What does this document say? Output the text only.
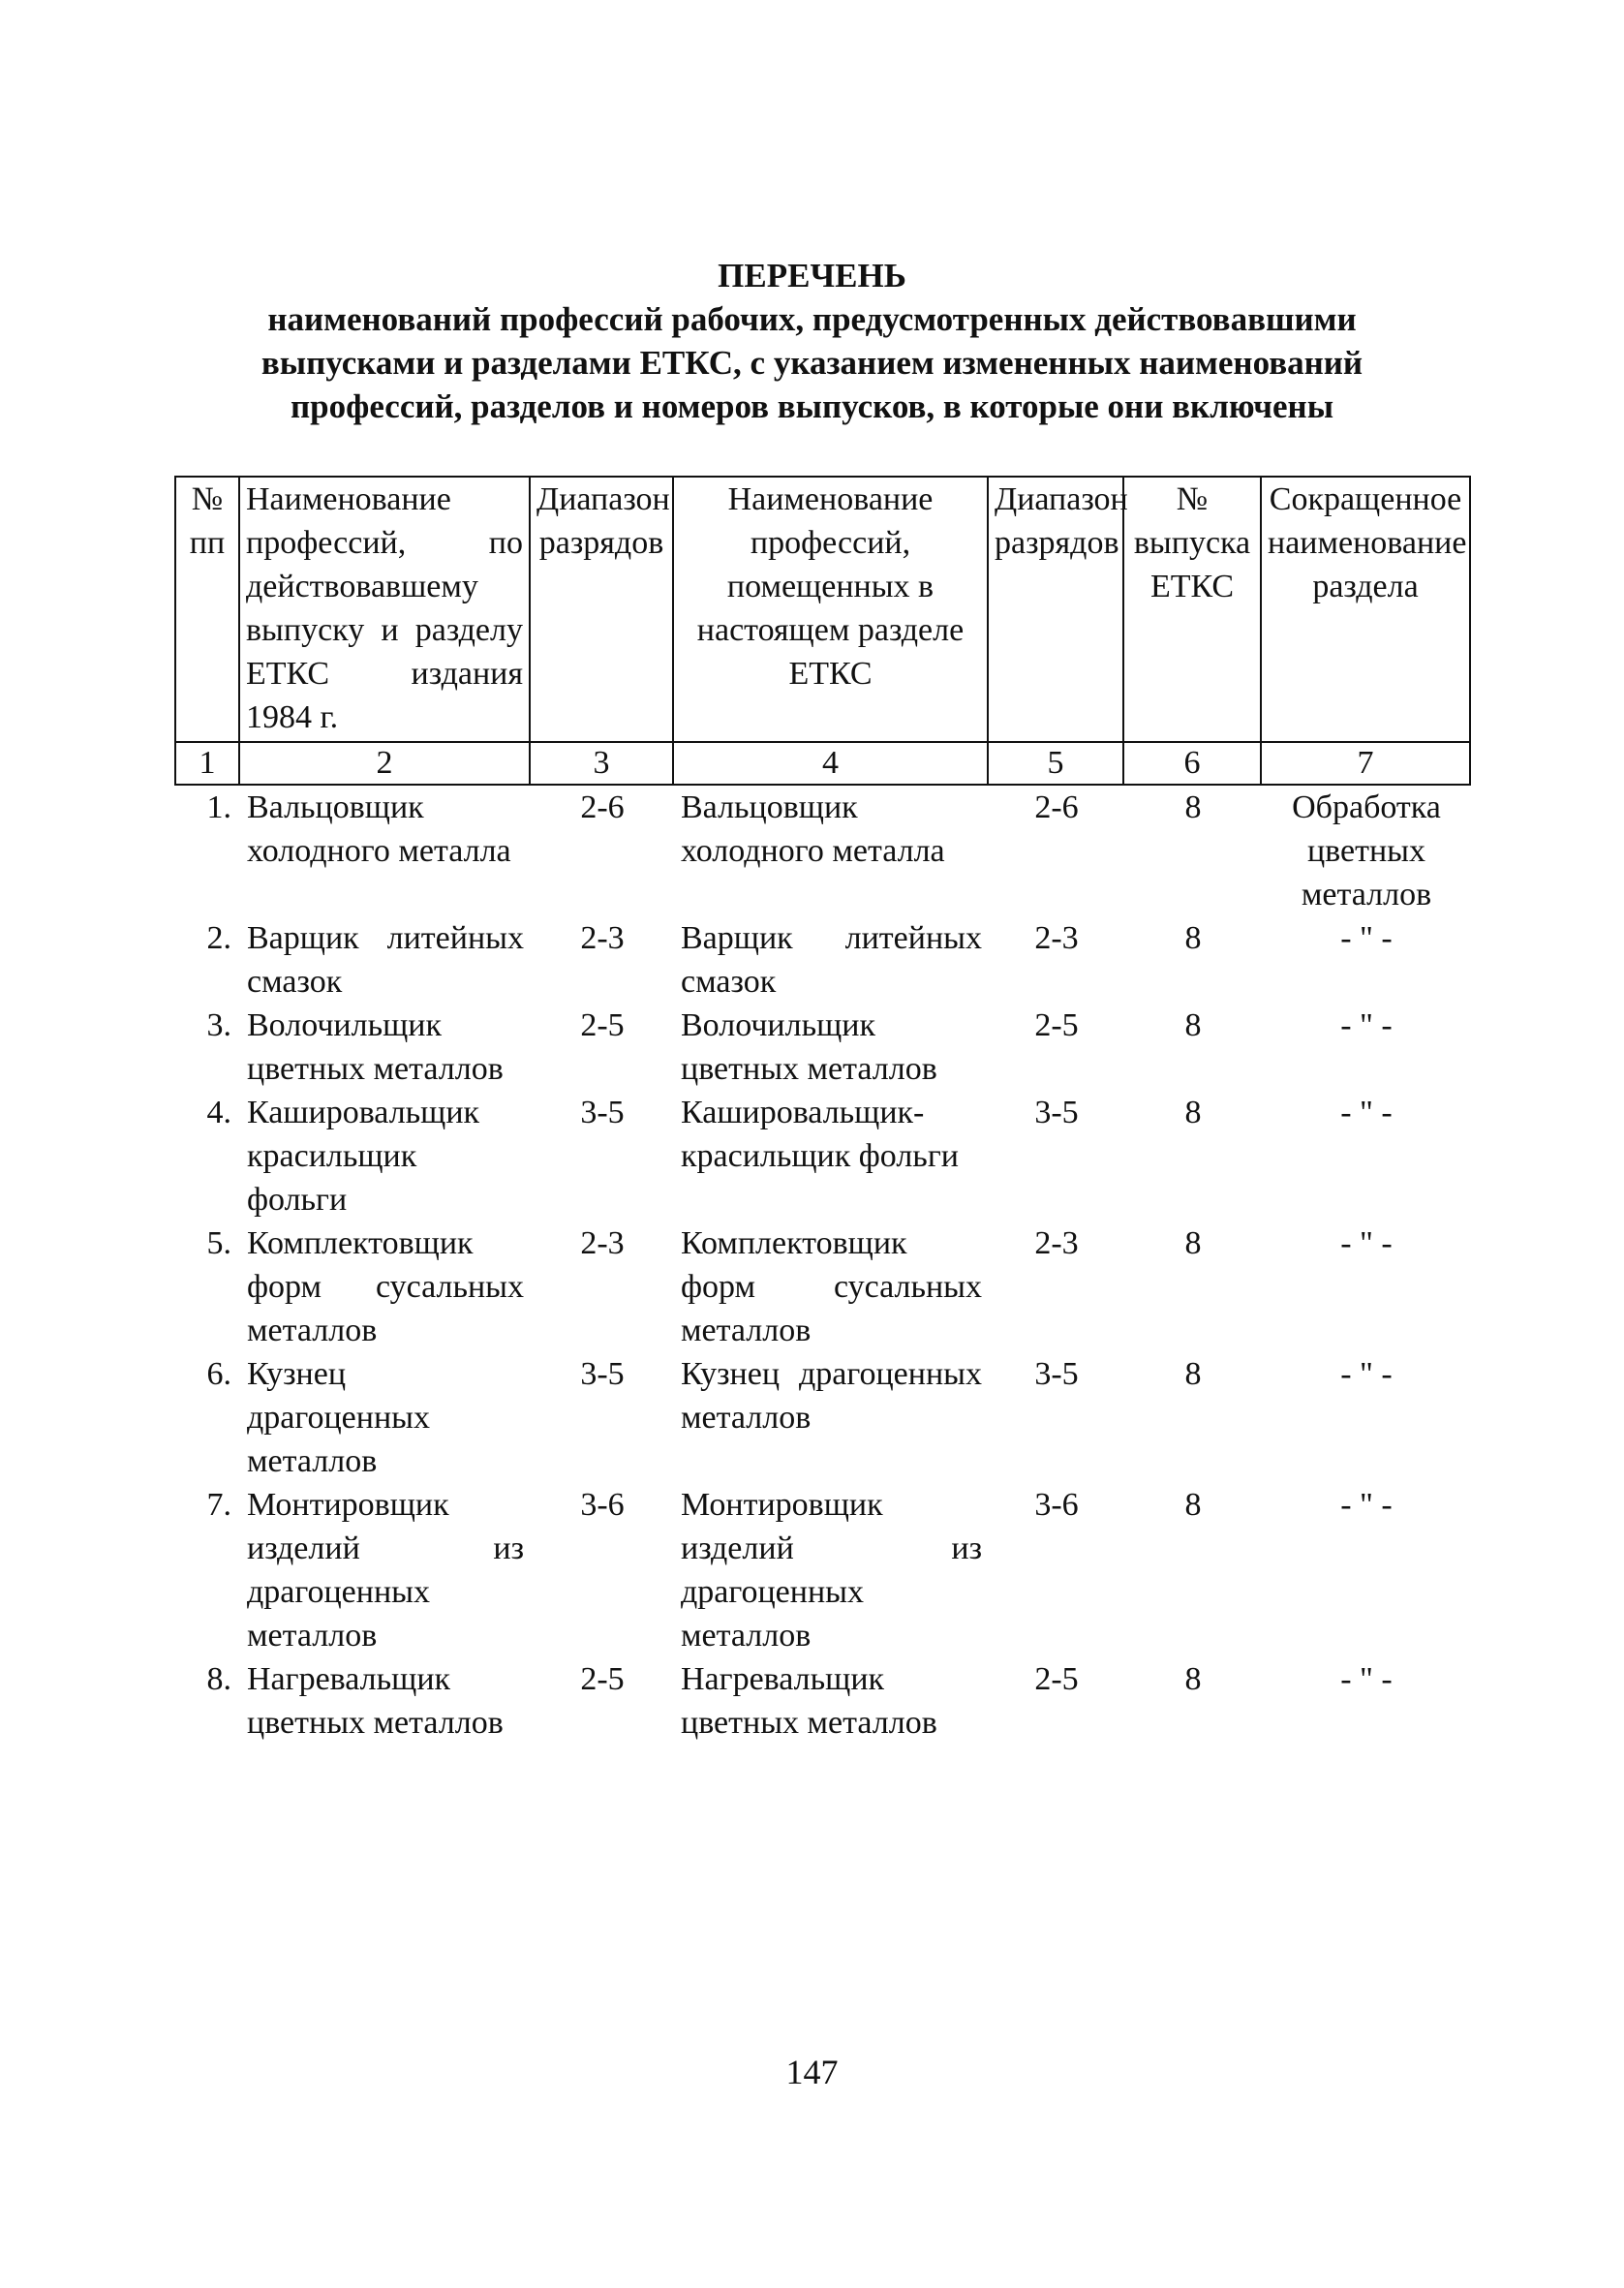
ПЕРЕЧЕНЬ
наименований профессий рабочих, предусмотренных действовавшими
выпусками и разделами ЕТКС, с указанием измененных наименований
профессий, разделов и номеров выпусков, в которые они включены
№ пп	Наименование профессий, по действовавшему выпуску и разделу ЕТКС издания 1984 г.	Диапазон разрядов	Наименование профессий, помещенных в настоящем разделе ЕТКС	Диапазон разрядов	№ выпуска ЕТКС	Сокращенное наименование раздела
1	2	3	4	5	6	7
1.	Вальцовщик холодного металла	2-6	Вальцовщик холодного металла	2-6	8	Обработка цветных металлов
2.	Варщик литейных смазок	2-3	Варщик литейных смазок	2-3	8	- " -
3.	Волочильщик цветных металлов	2-5	Волочильщик цветных металлов	2-5	8	- " -
4.	Кашировальщик красильщик фольги	3-5	Кашировальщик-красильщик фольги	3-5	8	- " -
5.	Комплектовщик форм сусальных металлов	2-3	Комплектовщик форм сусальных металлов	2-3	8	- " -
6.	Кузнец драгоценных металлов	3-5	Кузнец драгоценных металлов	3-5	8	- " -
7.	Монтировщик изделий из драгоценных металлов	3-6	Монтировщик изделий из драгоценных металлов	3-6	8	- " -
8.	Нагревальщик цветных металлов	2-5	Нагревальщик цветных металлов	2-5	8	- " -
147
